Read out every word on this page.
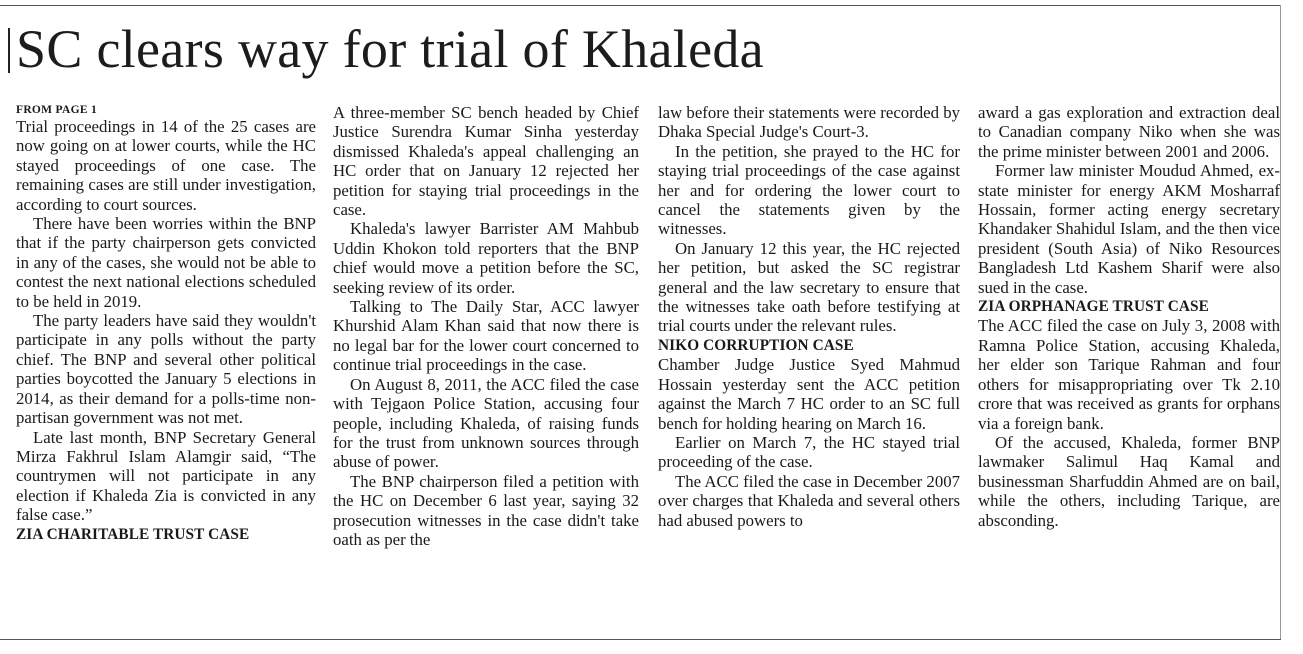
SC clears way for trial of Khaleda

FROM PAGE 1

Trial proceedings in 14 of the 25 cases are now going on at lower courts, while the HC stayed proceedings of one case. The remaining cases are still under investigation, according to court sources.

There have been worries within the BNP that if the party chairperson gets convicted in any of the cases, she would not be able to contest the next national elections scheduled to be held in 2019.

The party leaders have said they wouldn't participate in any polls without the party chief. The BNP and several other political parties boycotted the January 5 elections in 2014, as their demand for a polls-time non-partisan government was not met.

Late last month, BNP Secretary General Mirza Fakhrul Islam Alamgir said, “The countrymen will not participate in any election if Khaleda Zia is convicted in any false case.”

ZIA CHARITABLE TRUST CASE

A three-member SC bench headed by Chief Justice Surendra Kumar Sinha yesterday dismissed Khaleda's appeal challenging an HC order that on January 12 rejected her petition for staying trial proceedings in the case.

Khaleda's lawyer Barrister AM Mahbub Uddin Khokon told reporters that the BNP chief would move a petition before the SC, seeking review of its order.

Talking to The Daily Star, ACC lawyer Khurshid Alam Khan said that now there is no legal bar for the lower court concerned to continue trial proceedings in the case.

On August 8, 2011, the ACC filed the case with Tejgaon Police Station, accusing four people, including Khaleda, of raising funds for the trust from unknown sources through abuse of power.

The BNP chairperson filed a petition with the HC on December 6 last year, saying 32 prosecution witnesses in the case didn't take oath as per the

law before their statements were recorded by Dhaka Special Judge's Court-3.

In the petition, she prayed to the HC for staying trial proceedings of the case against her and for ordering the lower court to cancel the statements given by the witnesses.

On January 12 this year, the HC rejected her petition, but asked the SC registrar general and the law secretary to ensure that the witnesses take oath before testifying at trial courts under the relevant rules.

NIKO CORRUPTION CASE

Chamber Judge Justice Syed Mahmud Hossain yesterday sent the ACC petition against the March 7 HC order to an SC full bench for holding hearing on March 16.

Earlier on March 7, the HC stayed trial proceeding of the case.

The ACC filed the case in December 2007 over charges that Khaleda and several others had abused powers to

award a gas exploration and extraction deal to Canadian company Niko when she was the prime minister between 2001 and 2006.

Former law minister Moudud Ahmed, ex-state minister for energy AKM Mosharraf Hossain, former acting energy secretary Khandaker Shahidul Islam, and the then vice president (South Asia) of Niko Resources Bangladesh Ltd Kashem Sharif were also sued in the case.

ZIA ORPHANAGE TRUST CASE

The ACC filed the case on July 3, 2008 with Ramna Police Station, accusing Khaleda, her elder son Tarique Rahman and four others for misappropriating over Tk 2.10 crore that was received as grants for orphans via a foreign bank.

Of the accused, Khaleda, former BNP lawmaker Salimul Haq Kamal and businessman Sharfuddin Ahmed are on bail, while the others, including Tarique, are absconding.
